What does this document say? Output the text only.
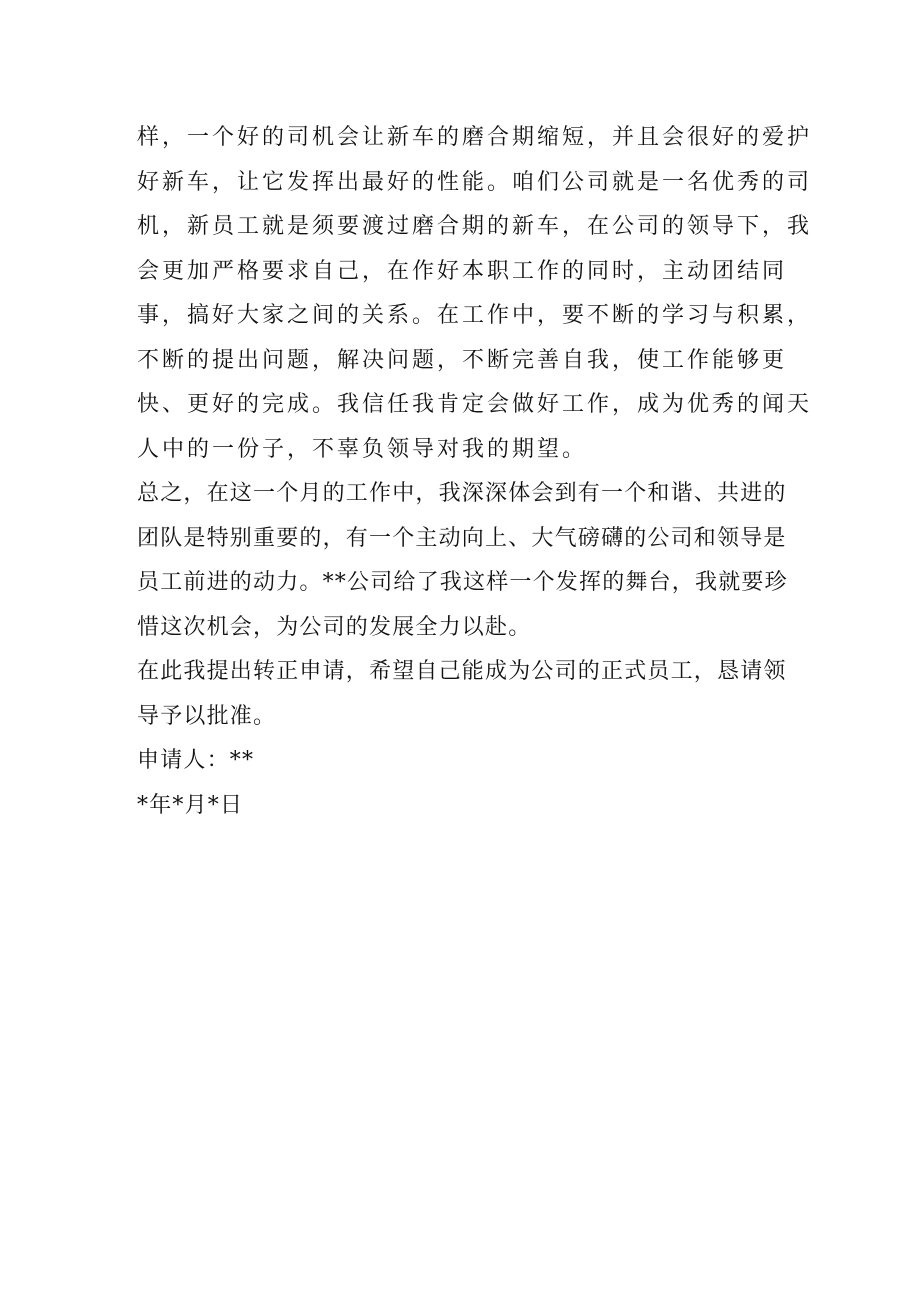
样，一个好的司机会让新车的磨合期缩短，并且会很好的爱护
好新车，让它发挥出最好的性能。咱们公司就是一名优秀的司
机，新员工就是须要渡过磨合期的新车，在公司的领导下，我
会更加严格要求自己，在作好本职工作的同时，主动团结同
事，搞好大家之间的关系。在工作中，要不断的学习与积累，
不断的提出问题，解决问题，不断完善自我，使工作能够更
快、更好的完成。我信任我肯定会做好工作，成为优秀的闻天
人中的一份子，不辜负领导对我的期望。
总之，在这一个月的工作中，我深深体会到有一个和谐、共进的
团队是特别重要的，有一个主动向上、大气磅礴的公司和领导是
员工前进的动力。**公司给了我这样一个发挥的舞台，我就要珍
惜这次机会，为公司的发展全力以赴。
在此我提出转正申请，希望自己能成为公司的正式员工，恳请领
导予以批准。
申请人：**
*年*月*日
